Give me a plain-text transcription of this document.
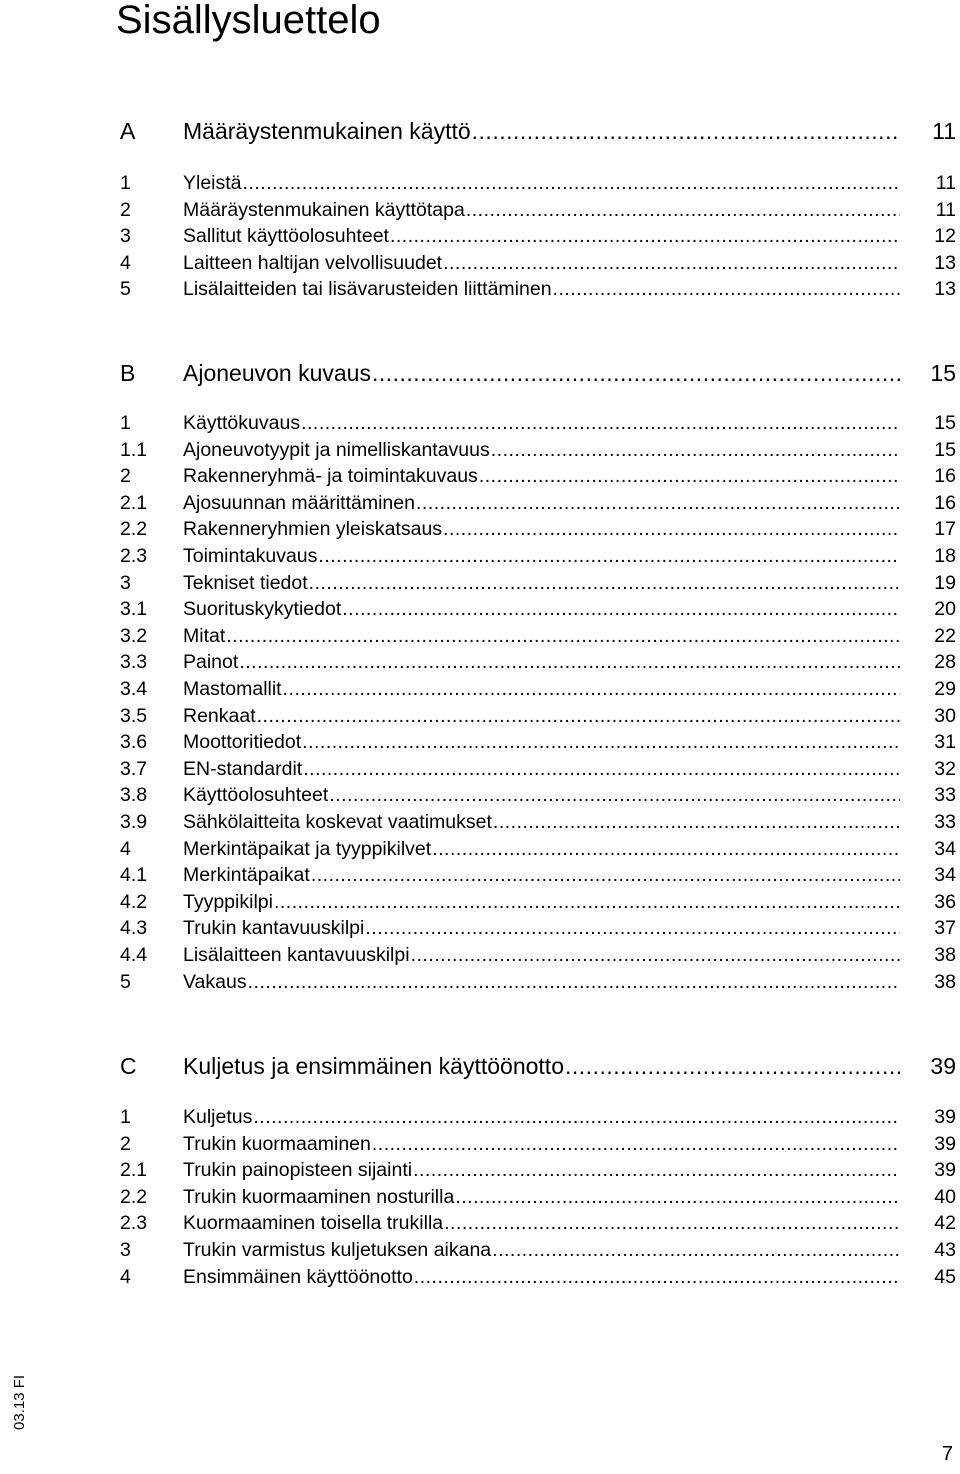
Sisällysluettelo
A	Määräystenmukainen käyttö .....	11
1	Yleistä .....	11
2	Määräystenmukainen käyttötapa .....	11
3	Sallitut käyttöolosuhteet .....	12
4	Laitteen haltijan velvollisuudet .....	13
5	Lisälaitteiden tai lisävarusteiden liittäminen .....	13
B	Ajoneuvon kuvaus .....	15
1	Käyttökuvaus .....	15
1.1	Ajoneuvotyypit ja nimelliskantavuus .....	15
2	Rakenneryhmä- ja toimintakuvaus .....	16
2.1	Ajosuunnan määrittäminen .....	16
2.2	Rakenneryhmien yleiskatsaus .....	17
2.3	Toimintakuvaus .....	18
3	Tekniset tiedot .....	19
3.1	Suorituskykytiedot .....	20
3.2	Mitat .....	22
3.3	Painot .....	28
3.4	Mastomallit .....	29
3.5	Renkaat .....	30
3.6	Moottoritiedot .....	31
3.7	EN-standardit .....	32
3.8	Käyttöolosuhteet .....	33
3.9	Sähkölaitteita koskevat vaatimukset .....	33
4	Merkintäpaikat ja tyyppikilvet .....	34
4.1	Merkintäpaikat .....	34
4.2	Tyyppikilpi .....	36
4.3	Trukin kantavuuskilpi .....	37
4.4	Lisälaitteen kantavuuskilpi .....	38
5	Vakaus .....	38
C	Kuljetus ja ensimmäinen käyttöönotto .....	39
1	Kuljetus .....	39
2	Trukin kuormaaminen .....	39
2.1	Trukin painopisteen sijainti .....	39
2.2	Trukin kuormaaminen nosturilla .....	40
2.3	Kuormaaminen toisella trukilla .....	42
3	Trukin varmistus kuljetuksen aikana .....	43
4	Ensimmäinen käyttöönotto .....	45
03.13 FI
7
